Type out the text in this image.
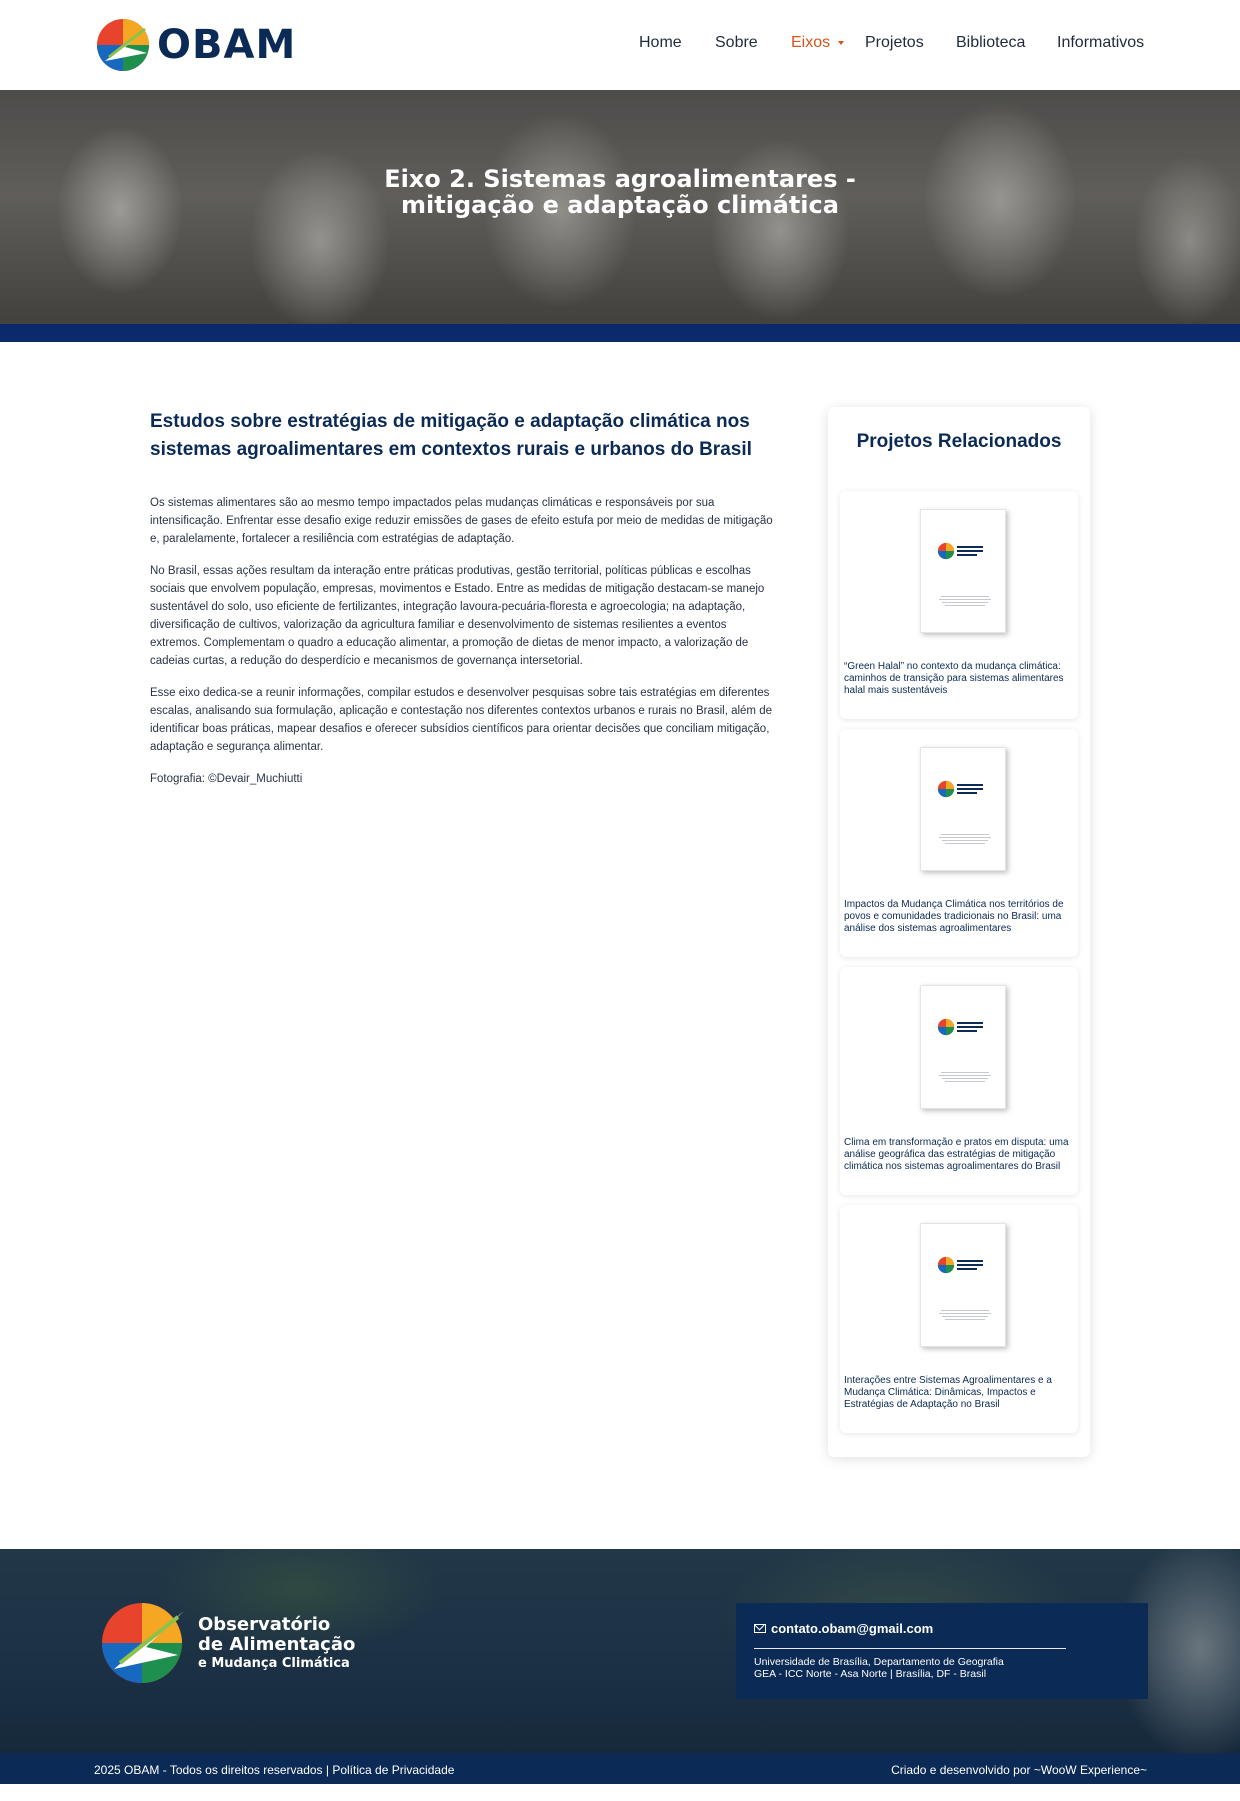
OBAM	Home Sobre Eixos	Projetos Biblioteca Informativos
Eixo 2. Sistemas agroalimentares -
mitigação e adaptação climática
Estudos sobre estratégias de mitigação e adaptação climática nos sistemas agroalimentares em contextos rurais e urbanos do Brasil

Os sistemas alimentares são ao mesmo tempo impactados pelas mudanças climáticas e responsáveis por sua intensificação. Enfrentar esse desafio exige reduzir emissões de gases de efeito estufa por meio de medidas de mitigação e, paralelamente, fortalecer a resiliência com estratégias de adaptação.

No Brasil, essas ações resultam da interação entre práticas produtivas, gestão territorial, políticas públicas e escolhas sociais que envolvem população, empresas, movimentos e Estado. Entre as medidas de mitigação destacam-se manejo sustentável do solo, uso eficiente de fertilizantes, integração lavoura-pecuária-floresta e agroecologia; na adaptação, diversificação de cultivos, valorização da agricultura familiar e desenvolvimento de sistemas resilientes a eventos extremos. Complementam o quadro a educação alimentar, a promoção de dietas de menor impacto, a valorização de cadeias curtas, a redução do desperdício e mecanismos de governança intersetorial.

Esse eixo dedica-se a reunir informações, compilar estudos e desenvolver pesquisas sobre tais estratégias em diferentes escalas, analisando sua formulação, aplicação e contestação nos diferentes contextos urbanos e rurais no Brasil, além de identificar boas práticas, mapear desafios e oferecer subsídios científicos para orientar decisões que conciliam mitigação, adaptação e segurança alimentar.

Fotografia: ©Devair_Muchiutti

Projetos Relacionados

“Green Halal” no contexto da mudança climática: caminhos de transição para sistemas alimentares halal mais sustentáveis

Impactos da Mudança Climática nos territórios de povos e comunidades tradicionais no Brasil: uma análise dos sistemas agroalimentares

Clima em transformação e pratos em disputa: uma análise geográfica das estratégias de mitigação climática nos sistemas agroalimentares do Brasil

Interações entre Sistemas Agroalimentares e a Mudança Climática: Dinâmicas, Impactos e Estratégias de Adaptação no Brasil

Observatório
de Alimentação
e Mudança Climática
contato.obam@gmail.com
Universidade de Brasília, Departamento de Geografia
GEA - ICC Norte - Asa Norte | Brasília, DF - Brasil
2025 OBAM - Todos os direitos reservados | Política de Privacidade	Criado e desenvolvido por ~WooW Experience~
